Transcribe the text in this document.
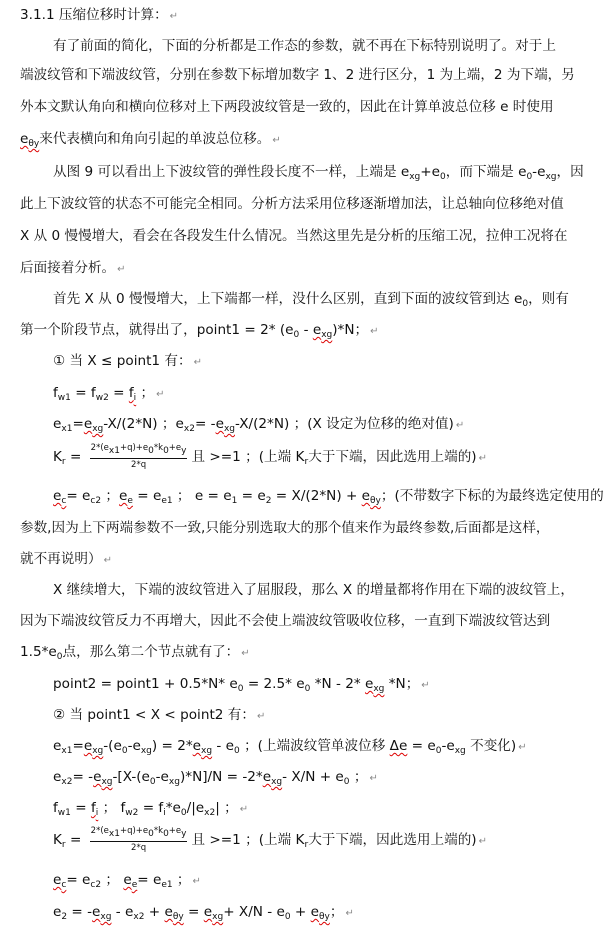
3.1.1 压缩位移时计算： ↵
有了前面的简化，下面的分析都是工作态的参数，就不再在下标特别说明了。对于上
端波纹管和下端波纹管，分别在参数下标增加数字 1、2 进行区分，1 为上端，2 为下端，另
外本文默认角向和横向位移对上下两段波纹管是一致的，因此在计算单波总位移 e 时使用
$e_{\theta y}$来代表横向和角向引起的单波总位移。 ↵
从图 9 可以看出上下波纹管的弹性段长度不一样，上端是 $e_{xg}+e_0$，而下端是 $e_0-e_{xg}$，因
此上下波纹管的状态不可能完全相同。分析方法采用位移逐渐增加法，让总轴向位移绝对值
X 从 0 慢慢增大，看会在各段发生什么情况。当然这里先是分析的压缩工况，拉伸工况将在
后面接着分析。 ↵
首先 X 从 0 慢慢增大，上下端都一样，没什么区别，直到下面的波纹管到达 $e_0$，则有
第一个阶段节点，就得出了，point1 = 2* $(e_0 - e_{xg})*N$； ↵
① 当 X ≤ point1 有： ↵
$f_{w1} = f_{w2} = f_i$ ； ↵
$e_{x1}=e_{xg}-X/(2*N)$ ；$e_{x2}= -e_{xg}-X/(2*N)$ ；(X 设定为位移的绝对值) ↵
$K_r = \frac{2*(ex1+q)+e0*k0+ey}{2*q}$ 且 >=1 ；(上端 $K_r$大于下端，因此选用上端的) ↵
$e_c= e_{c2}$ ；$e_e = e_{e1}$ ； $e = e_1 = e_2 = X/(2*N) + e_{\theta y}$；(不带数字下标的为最终选定使用的
参数,因为上下两端参数不一致,只能分别选取大的那个值来作为最终参数,后面都是这样，
就不再说明） ↵
X 继续增大，下端的波纹管进入了屈服段，那么 X 的增量都将作用在下端的波纹管上，
因为下端波纹管反力不再增大，因此不会使上端波纹管吸收位移，一直到下端波纹管达到
$1.5*e_0$点，那么第二个节点就有了： ↵
point2 = point1 + 0.5*N* $e_0 = 2.5*$ $e_0$ *N - 2* $e_{xg}$ *N； ↵
② 当 point1 < X < point2 有： ↵
$e_{x1}=e_{xg}-(e_0-e_{xg}) = 2*e_{xg} - e_0$ ；(上端波纹管单波位移 $\Delta e = e_0-e_{xg}$ 不变化) ↵
$e_{x2}= -e_{xg}-[X-(e_0-e_{xg})*N]/N = -2*e_{xg}-$ $X/N + e_0$ ； ↵
$f_{w1} = f_i$ ； $f_{w2} = f_i*e_0/|e_{x2}|$ ； ↵
$K_r = \frac{2*(ex1+q)+e0*k0+ey}{2*q}$ 且 >=1 ；(上端 $K_r$大于下端，因此选用上端的) ↵
$e_c= e_{c2}$ ； $e_e= e_{e1}$ ； ↵
$e_2 = -e_{xg} - e_{x2} + e_{\theta y} = e_{xg}+ X/N - e_0 + e_{\theta y}$； ↵
